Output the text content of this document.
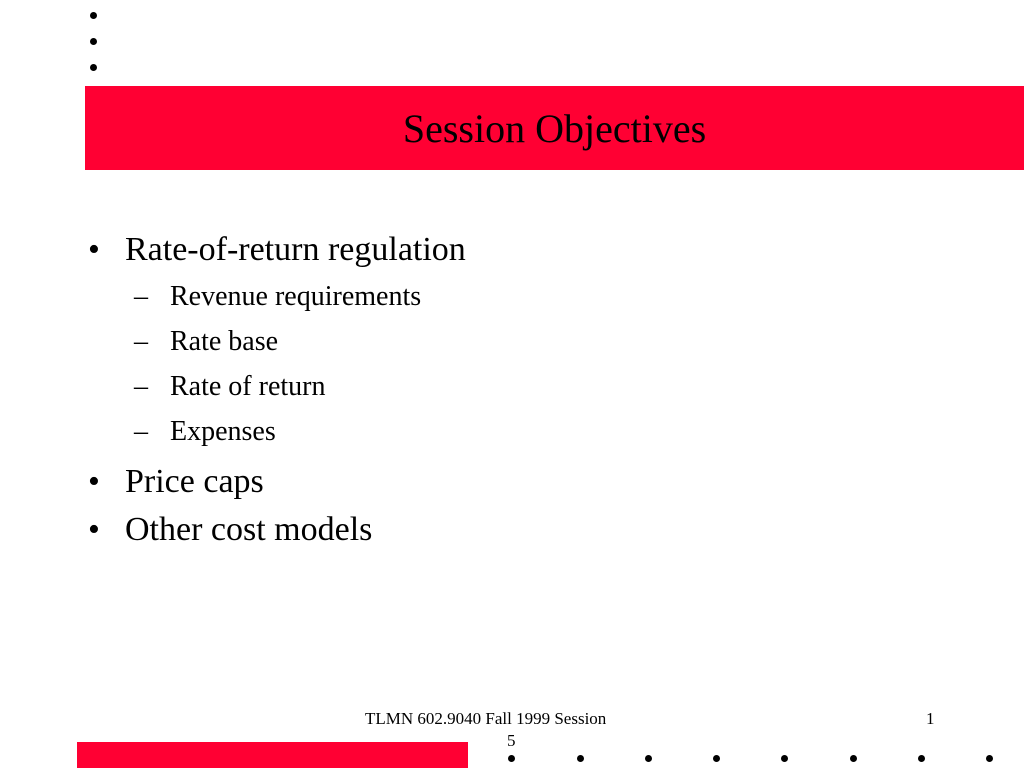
Session Objectives
• Rate-of-return regulation
– Revenue requirements
– Rate base
– Rate of return
– Expenses
• Price caps
• Other cost models
TLMN 602.9040 Fall 1999 Session
5
1
